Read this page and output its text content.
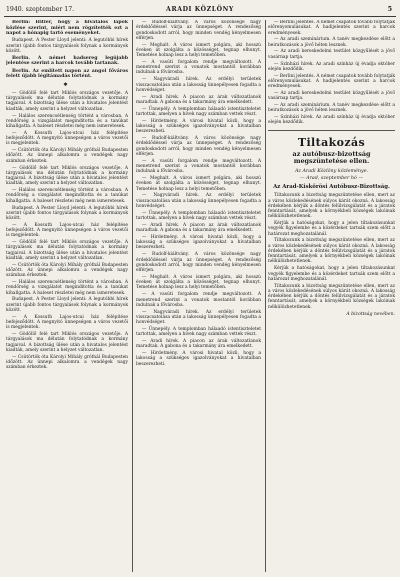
1940. szeptember 17.	ARADI KÖZLÖNY	5

Berlin: Hitler, hogy a hivatalos lapok közlése szerint, miért nem rögzítették ezt a napot a hónapig tartó eseményeket.

Budapest. A Pester Lloyd jelenti: A legutóbbi hírek szerint újabb fontos tárgyalások folynak a kormányok között.

Berlin. A német hadsereg legújabb jelentése szerint a harcok tovább tartanak.

Berlin. Az említett napon az angol főváros felett újabb légitámadás történt.

✱

— Gödöllő felé tart Miklós országos vezetője. A tárgyalások ma délután folytatódnak a kormány tagjaival. A bizottság ülése után a hivatalos jelentést kiadták, amely szerint a helyzet változatlan.

— Halálos szerencsétlenség történt a városban. A rendőrség a vizsgálatot megindította és a tanúkat kihallgatta. A baleset részletei még nem ismeretesek.

— A Kossuth Lajos-utcai ház felépítése befejeződött. A megnyitó ünnepségen a város vezetői is megjelentek.

— Csütörtök óta Károlyi Mihály grófnál Budapesten időzött. Az ünnepi alkalomra a vendégek nagy számban érkeztek.

— Gödöllő felé tart Miklós országos vezetője. A tárgyalások ma délután folytatódnak a kormány tagjaival. A bizottság ülése után a hivatalos jelentést kiadták, amely szerint a helyzet változatlan.

— Halálos szerencsétlenség történt a városban. A rendőrség a vizsgálatot megindította és a tanúkat kihallgatta. A baleset részletei még nem ismeretesek.

Budapest. A Pester Lloyd jelenti: A legutóbbi hírek szerint újabb fontos tárgyalások folynak a kormányok között.

— A Kossuth Lajos-utcai ház felépítése befejeződött. A megnyitó ünnepségen a város vezetői is megjelentek.

— Gödöllő felé tart Miklós országos vezetője. A tárgyalások ma délután folytatódnak a kormány tagjaival. A bizottság ülése után a hivatalos jelentést kiadták, amely szerint a helyzet változatlan.

— Csütörtök óta Károlyi Mihály grófnál Budapesten időzött. Az ünnepi alkalomra a vendégek nagy számban érkeztek.

— Halálos szerencsétlenség történt a városban. A rendőrség a vizsgálatot megindította és a tanúkat kihallgatta. A baleset részletei még nem ismeretesek.

Budapest. A Pester Lloyd jelenti: A legutóbbi hírek szerint újabb fontos tárgyalások folynak a kormányok között.

— A Kossuth Lajos-utcai ház felépítése befejeződött. A megnyitó ünnepségen a város vezetői is megjelentek.

— Gödöllő felé tart Miklós országos vezetője. A tárgyalások ma délután folytatódnak a kormány tagjaival. A bizottság ülése után a hivatalos jelentést kiadták, amely szerint a helyzet változatlan.

— Csütörtök óta Károlyi Mihály grófnál Budapesten időzött. Az ünnepi alkalomra a vendégek nagy számban érkeztek.

— Rudolf-kiáltvány. A város közönsége nagy érdeklődéssel várja az ünnepséget. A rendezőség gondoskodott arról, hogy minden vendég kényelmesen elférjen.

— Meghalt. A város ismert polgára, aki hosszú éveken át szolgálta a közösséget, tegnap elhunyt. Temetése holnap lesz a helyi temetőben.

— A vasúti forgalom rendje megváltozott. A menetrend szerint a vonatok mostantól korábban indulnak a fővárosba.

— Nagyváradi hírek. Az erdélyi területek visszacsatolása után a lakosság ünnepélyesen fogadta a honvédséget.

— Aradi hírek. A piacon az árak változatlanok maradtak. A gabona és a takarmány ára emelkedett.

— Ünnepély. A templomban hálaadó istentiszteletet tartottak, amelyen a hívek nagy számban vettek részt.

— Hirdetmény. A városi hivatal közli, hogy a lakosság a szükséges igazolványokat a hivatalban beszerezheti.

— Rudolf-kiáltvány. A város közönsége nagy érdeklődéssel várja az ünnepséget. A rendezőség gondoskodott arról, hogy minden vendég kényelmesen elférjen.

— A vasúti forgalom rendje megváltozott. A menetrend szerint a vonatok mostantól korábban indulnak a fővárosba.

— Meghalt. A város ismert polgára, aki hosszú éveken át szolgálta a közösséget, tegnap elhunyt. Temetése holnap lesz a helyi temetőben.

— Nagyváradi hírek. Az erdélyi területek visszacsatolása után a lakosság ünnepélyesen fogadta a honvédséget.

— Ünnepély. A templomban hálaadó istentiszteletet tartottak, amelyen a hívek nagy számban vettek részt.

— Aradi hírek. A piacon az árak változatlanok maradtak. A gabona és a takarmány ára emelkedett.

— Hirdetmény. A városi hivatal közli, hogy a lakosság a szükséges igazolványokat a hivatalban beszerezheti.

— Rudolf-kiáltvány. A város közönsége nagy érdeklődéssel várja az ünnepséget. A rendezőség gondoskodott arról, hogy minden vendég kényelmesen elférjen.

— Meghalt. A város ismert polgára, aki hosszú éveken át szolgálta a közösséget, tegnap elhunyt. Temetése holnap lesz a helyi temetőben.

— A vasúti forgalom rendje megváltozott. A menetrend szerint a vonatok mostantól korábban indulnak a fővárosba.

— Nagyváradi hírek. Az erdélyi területek visszacsatolása után a lakosság ünnepélyesen fogadta a honvédséget.

— Ünnepély. A templomban hálaadó istentiszteletet tartottak, amelyen a hívek nagy számban vettek részt.

— Aradi hírek. A piacon az árak változatlanok maradtak. A gabona és a takarmány ára emelkedett.

— Hirdetmény. A városi hivatal közli, hogy a lakosság a szükséges igazolványokat a hivatalban beszerezheti.

— Berlini jelentés. A német csapatok tovább folytatják előrenyomulásukat. A hadijelentés szerint a harcok eredményesek.

— Az aradi szeminárium. A tanév megkezdése előtt a beiratkozások a jövő héten lesznek.

— Az aradi kereskedelmi testület közgyűlését a jövő vasárnap tartja.

— Színházi hírek. Az aradi színház új évadja október elején kezdődik.

— Berlini jelentés. A német csapatok tovább folytatják előrenyomulásukat. A hadijelentés szerint a harcok eredményesek.

— Az aradi kereskedelmi testület közgyűlését a jövő vasárnap tartja.

— Az aradi szeminárium. A tanév megkezdése előtt a beiratkozások a jövő héten lesznek.

— Színházi hírek. Az aradi színház új évadja október elején kezdődik.

Tiltakozás
az autóbusz-bizottság megszüntetése ellen.
Az Aradi Közlöny közleménye.
— Arad, szeptember hó —
Az Arad-Kiskőrösi Autóbusz-Bizottság.

Tiltakozunk a bizottság megszüntetése ellen, mert az a város közlekedésének súlyos kárát okozná. A lakosság érdekében kérjük a döntés felülvizsgálatát és a járatok fenntartását, amelyek a környékbeli községek lakóinak nélkülözhetetlenek.

Kérjük a hatóságokat, hogy a jelen tiltakozásunkat vegyék figyelembe és a közérdeket tartsák szem előtt a határozat meghozatalánál.

Tiltakozunk a bizottság megszüntetése ellen, mert az a város közlekedésének súlyos kárát okozná. A lakosság érdekében kérjük a döntés felülvizsgálatát és a járatok fenntartását, amelyek a környékbeli községek lakóinak nélkülözhetetlenek.

Kérjük a hatóságokat, hogy a jelen tiltakozásunkat vegyék figyelembe és a közérdeket tartsák szem előtt a határozat meghozatalánál.

Tiltakozunk a bizottság megszüntetése ellen, mert az a város közlekedésének súlyos kárát okozná. A lakosság érdekében kérjük a döntés felülvizsgálatát és a járatok fenntartását, amelyek a környékbeli községek lakóinak nélkülözhetetlenek.

A bizottság nevében.
